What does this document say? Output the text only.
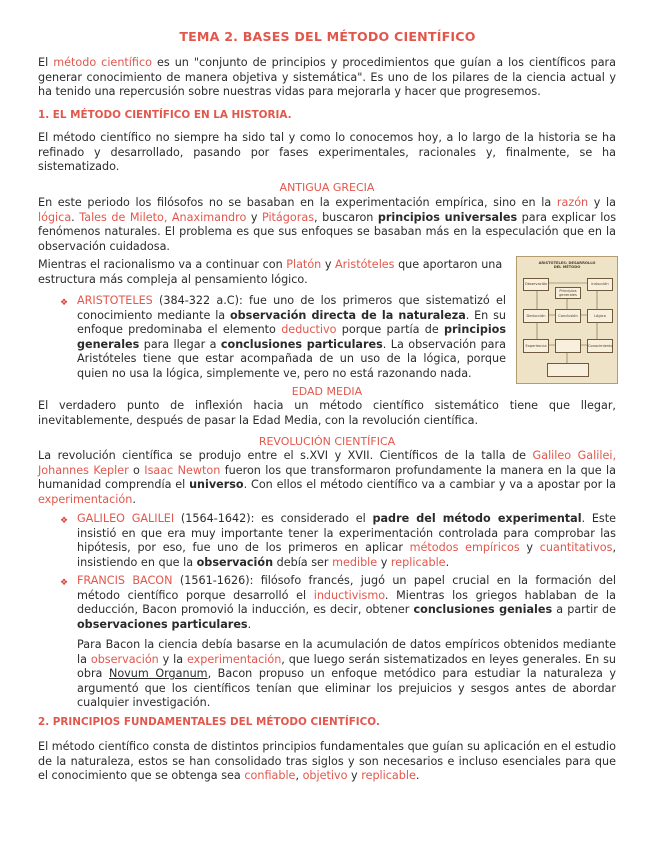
TEMA 2. BASES DEL MÉTODO CIENTÍFICO

El método científico es un "conjunto de principios y procedimientos que guían a los científicos para generar conocimiento de manera objetiva y sistemática". Es uno de los pilares de la ciencia actual y ha tenido una repercusión sobre nuestras vidas para mejorarla y hacer que progresemos.

1. EL MÉTODO CIENTÍFICO EN LA HISTORIA.

El método científico no siempre ha sido tal y como lo conocemos hoy, a lo largo de la historia se ha refinado y desarrollado, pasando por fases experimentales, racionales y, finalmente, se ha sistematizado.

ANTIGUA GRECIA

En este periodo los filósofos no se basaban en la experimentación empírica, sino en la razón y la lógica. Tales de Mileto, Anaximandro y Pitágoras, buscaron principios universales para explicar los fenómenos naturales. El problema es que sus enfoques se basaban más en la especulación que en la observación cuidadosa.

Mientras el racionalismo va a continuar con Platón y Aristóteles que aportaron una estructura más compleja al pensamiento lógico.

❖ ARISTOTELES (384-322 a.C): fue uno de los primeros que sistematizó el conocimiento mediante la observación directa de la naturaleza. En su enfoque predominaba el elemento deductivo porque partía de principios generales para llegar a conclusiones particulares. La observación para Aristóteles tiene que estar acompañada de un uso de la lógica, porque quien no usa la lógica, simplemente ve, pero no está razonando nada.

ARISTÓTELES: DESARROLLO DEL MÉTODO
Observación	Inducción
Principios generales
Deducción	Conclusión	Lógica
Experiencia	Conocimiento
EDAD MEDIA

El verdadero punto de inflexión hacia un método científico sistemático tiene que llegar, inevitablemente, después de pasar la Edad Media, con la revolución científica.

REVOLUCIÓN CIENTÍFICA

La revolución científica se produjo entre el s.XVI y XVII. Científicos de la talla de Galileo Galilei, Johannes Kepler o Isaac Newton fueron los que transformaron profundamente la manera en la que la humanidad comprendía el universo. Con ellos el método científico va a cambiar y va a apostar por la experimentación.

❖ GALILEO GALILEI (1564-1642): es considerado el padre del método experimental. Este insistió en que era muy importante tener la experimentación controlada para comprobar las hipótesis, por eso, fue uno de los primeros en aplicar métodos empíricos y cuantitativos, insistiendo en que la observación debía ser medible y replicable.

❖ FRANCIS BACON (1561-1626): filósofo francés, jugó un papel crucial en la formación del método científico porque desarrolló el inductivismo. Mientras los griegos hablaban de la deducción, Bacon promovió la inducción, es decir, obtener conclusiones geniales a partir de observaciones particulares.

Para Bacon la ciencia debía basarse en la acumulación de datos empíricos obtenidos mediante la observación y la experimentación, que luego serán sistematizados en leyes generales. En su obra Novum Organum, Bacon propuso un enfoque metódico para estudiar la naturaleza y argumentó que los científicos tenían que eliminar los prejuicios y sesgos antes de abordar cualquier investigación.

2. PRINCIPIOS FUNDAMENTALES DEL MÉTODO CIENTÍFICO.

El método científico consta de distintos principios fundamentales que guían su aplicación en el estudio de la naturaleza, estos se han consolidado tras siglos y son necesarios e incluso esenciales para que el conocimiento que se obtenga sea confiable, objetivo y replicable.
